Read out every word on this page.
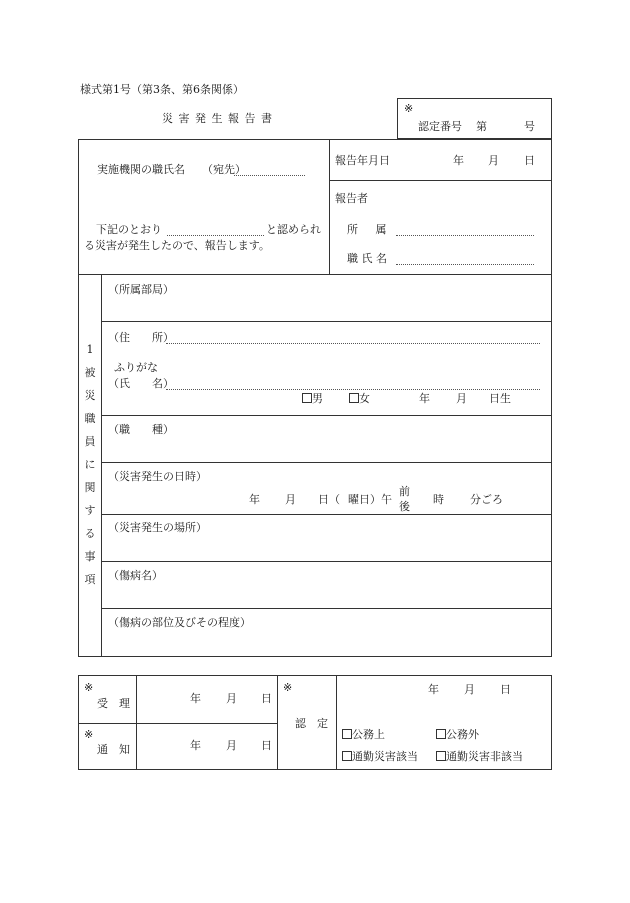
様式第1号（第3条、第6条関係）
災 害 発 生 報 告 書
※
認定番号 第	号
実施機関の職氏名 （宛先）
下記のとおり	と認められ
る災害が発生したので、報告します。
報告年月日	年 月 日
報告者
所 属
職 氏 名
1
被
災
職
員
に
関
す
る
事
項
（所属部局）
（住　　所）
ふりがな
（氏　　名）
男	女	年 月 日生
（職　　種）
（災害発生の日時）
年 月 日（ 曜日）午
前
後
時 分ごろ
（災害発生の場所）
（傷病名）
（傷病の部位及びその程度）
※
受　理	年 月 日
※
通　知	年 月 日
※
認　定
年 月 日
公務上	公務外
通勤災害該当	通勤災害非該当
